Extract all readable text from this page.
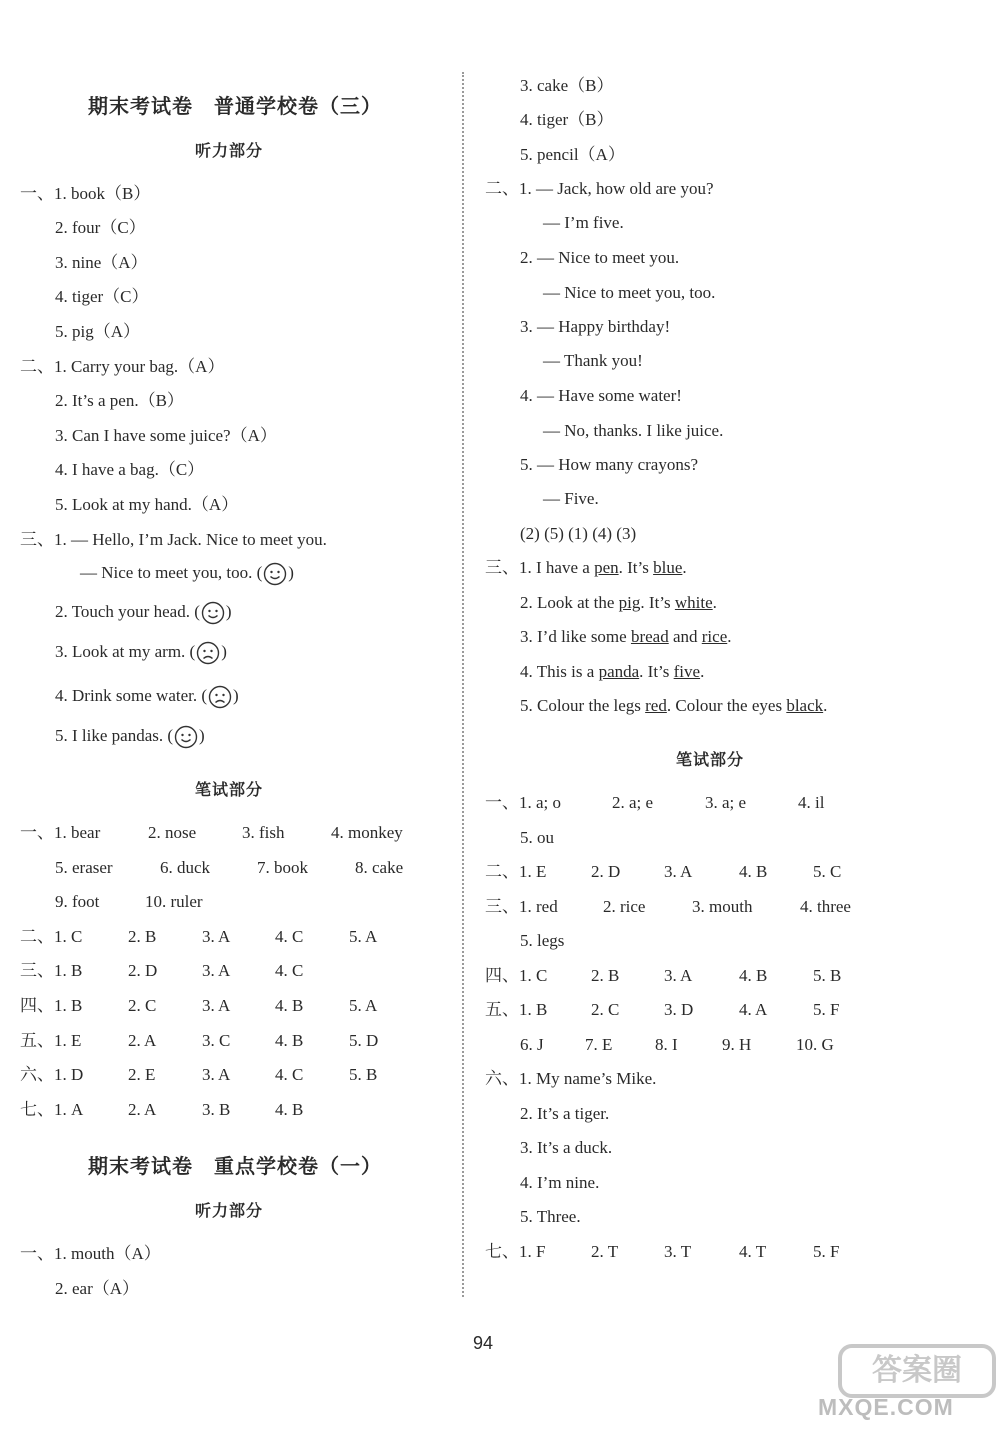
期末考试卷　普通学校卷（三）
听力部分
一、1. book（B）
2. four（C）
3. nine（A）
4. tiger（C）
5. pig（A）
二、1. Carry your bag.（A）
2. It’s a pen.（B）
3. Can I have some juice?（A）
4. I have a bag.（C）
5. Look at my hand.（A）
三、1. — Hello, I’m Jack. Nice to meet you.
— Nice to meet you, too. ( )
2. Touch your head. ( )
3. Look at my arm. ( )
4. Drink some water. ( )
5. I like pandas. ( )
笔试部分
一、1. bear	2. nose	3. fish	4. monkey
5. eraser	6. duck	7. book	8. cake
9. foot	10. ruler
二、1. C	2. B	3. A	4. C	5. A
三、1. B	2. D	3. A	4. C
四、1. B	2. C	3. A	4. B	5. A
五、1. E	2. A	3. C	4. B	5. D
六、1. D	2. E	3. A	4. C	5. B
七、1. A	2. A	3. B	4. B
期末考试卷　重点学校卷（一）
听力部分
一、1. mouth（A）
2. ear（A）
3. cake（B）
4. tiger（B）
5. pencil（A）
二、1. — Jack, how old are you?
— I’m five.
2. — Nice to meet you.
— Nice to meet you, too.
3. — Happy birthday!
— Thank you!
4. — Have some water!
— No, thanks. I like juice.
5. — How many crayons?
— Five.
(2) (5) (1) (4) (3)
三、1. I have a pen. It’s blue.
2. Look at the pig. It’s white.
3. I’d like some bread and rice.
4. This is a panda. It’s five.
5. Colour the legs red. Colour the eyes black.
笔试部分
一、1. a; o	2. a; e	3. a; e	4. il
5. ou
二、1. E	2. D	3. A	4. B	5. C
三、1. red	2. rice	3. mouth	4. three
5. legs
四、1. C	2. B	3. A	4. B	5. B
五、1. B	2. C	3. D	4. A	5. F
6. J 7. E	8. I	9. H	10. G
六、1. My name’s Mike.
2. It’s a tiger.
3. It’s a duck.
4. I’m nine.
5. Three.
七、1. F	2. T	3. T	4. T	5. F
94
答案圈
MXQE.COM
